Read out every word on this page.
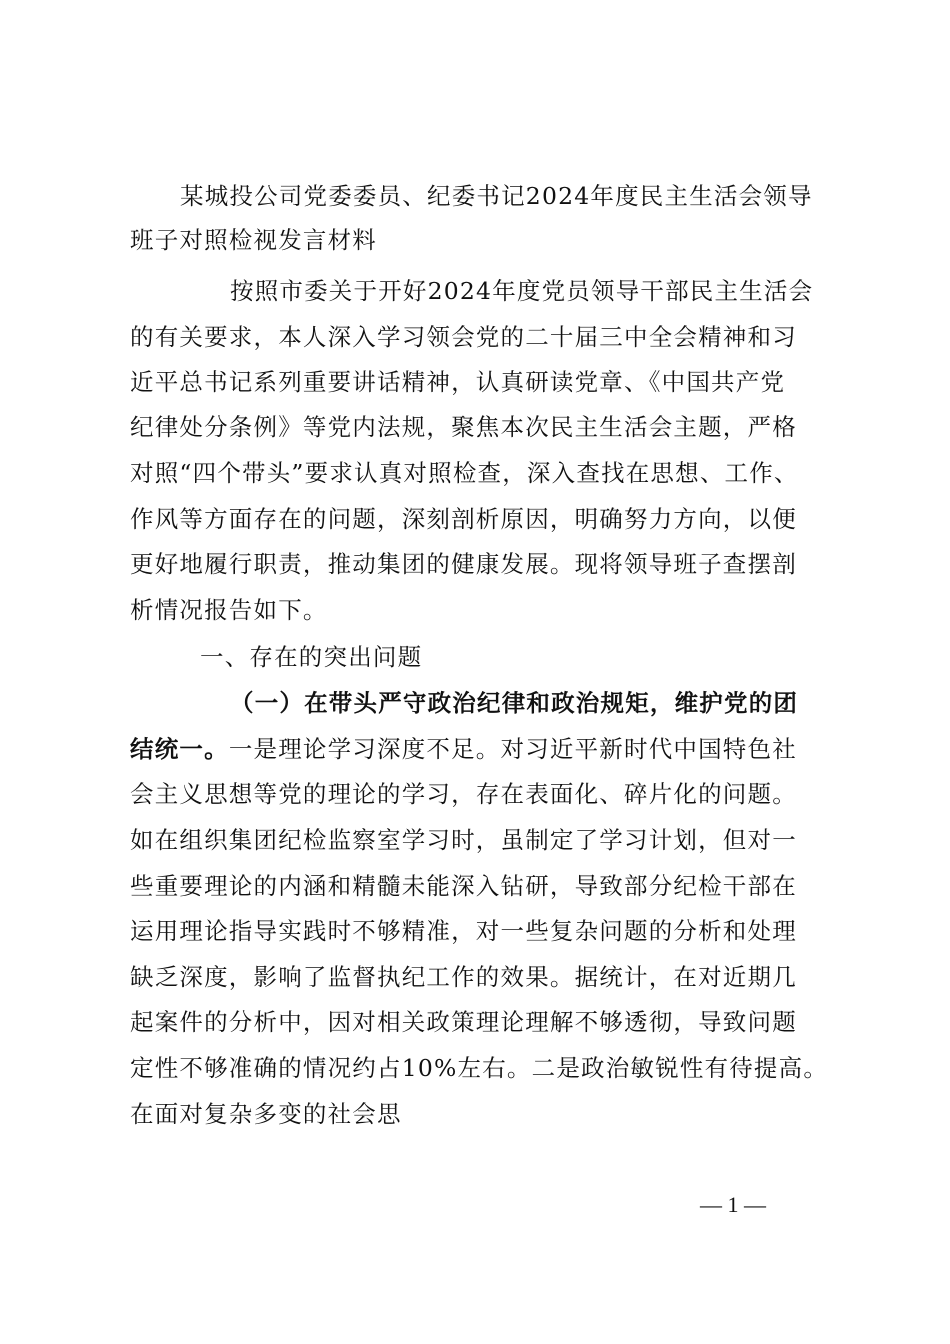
某城投公司党委委员、纪委书记2024年度民主生活会领导
班子对照检视发言材料
按照市委关于开好2024年度党员领导干部民主生活会
的有关要求，本人深入学习领会党的二十届三中全会精神和习
近平总书记系列重要讲话精神，认真研读党章、《中国共产党
纪律处分条例》等党内法规，聚焦本次民主生活会主题，严格
对照“四个带头”要求认真对照检查，深入查找在思想、工作、
作风等方面存在的问题，深刻剖析原因，明确努力方向，以便
更好地履行职责，推动集团的健康发展。现将领导班子查摆剖
析情况报告如下。
一、存在的突出问题
（一）在带头严守政治纪律和政治规矩，维护党的团
结统一。一是理论学习深度不足。对习近平新时代中国特色社
会主义思想等党的理论的学习，存在表面化、碎片化的问题。
如在组织集团纪检监察室学习时，虽制定了学习计划，但对一
些重要理论的内涵和精髓未能深入钻研，导致部分纪检干部在
运用理论指导实践时不够精准，对一些复杂问题的分析和处理
缺乏深度，影响了监督执纪工作的效果。据统计，在对近期几
起案件的分析中，因对相关政策理论理解不够透彻，导致问题
定性不够准确的情况约占10%左右。二是政治敏锐性有待提高。
在面对复杂多变的社会思
— 1 —
